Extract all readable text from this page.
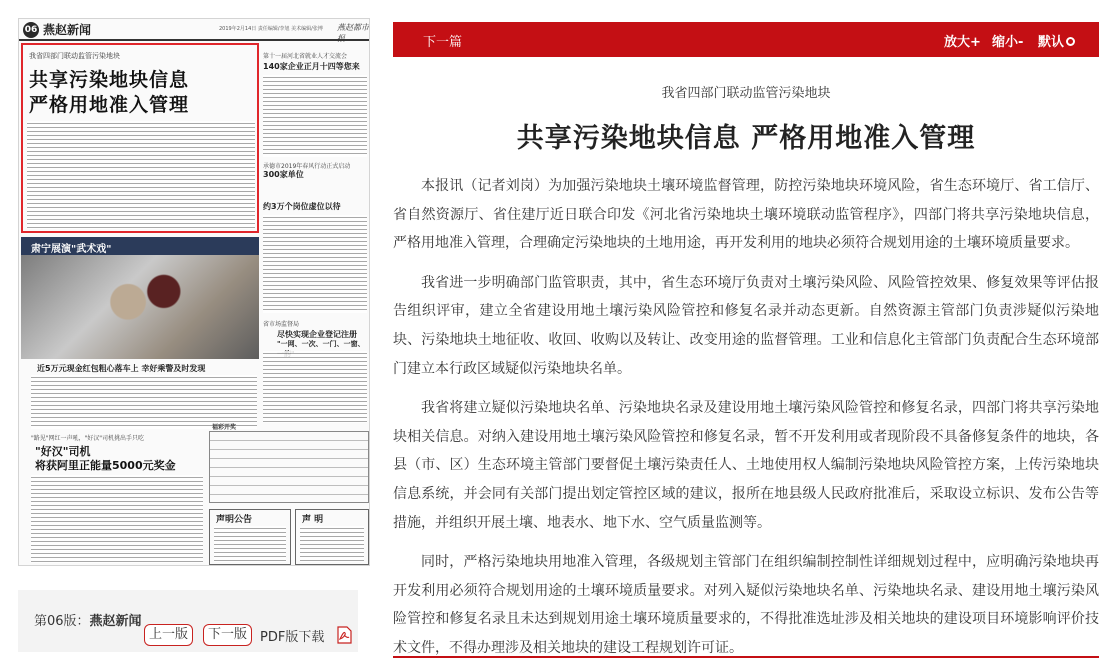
06 燕赵新闻	2019年2月14日 责任编辑/李旭 美术编辑/张博 燕赵都市报
我省四部门联动监管污染地块
共享污染地块信息
严格用地准入管理
第十一届河北省就业人才交流会
140家企业正月十四等您来
承德市2019年春风行动正式启动
300家单位
约3万个岗位虚位以待
肃宁展演"武术戏"
省市场监督局
尽快实现企业登记注册
"一网、一次、一门、一窗、
近5万元现金红包粗心落车上 幸好乘警及时发现
"路见"网红一声吼，"好汉"司机挑出手只吃
"好汉"司机
将获阿里正能量5000元奖金
福彩开奖
声明公告	声 明
第06版：燕赵新闻
上一版	下一版 PDF版下载
下一篇	放大+ 缩小- 默认
我省四部门联动监管污染地块
共享污染地块信息 严格用地准入管理

本报讯（记者刘岗）为加强污染地块土壤环境监督管理，防控污染地块环境风险，省生态环境厅、省工信厅、省自然资源厅、省住建厅近日联合印发《河北省污染地块土壤环境联动监管程序》，四部门将共享污染地块信息，严格用地准入管理，合理确定污染地块的土地用途，再开发利用的地块必须符合规划用途的土壤环境质量要求。

我省进一步明确部门监管职责，其中，省生态环境厅负责对土壤污染风险、风险管控效果、修复效果等评估报告组织评审，建立全省建设用地土壤污染风险管控和修复名录并动态更新。自然资源主管部门负责涉疑似污染地块、污染地块土地征收、收回、收购以及转让、改变用途的监督管理。工业和信息化主管部门负责配合生态环境部门建立本行政区域疑似污染地块名单。

我省将建立疑似污染地块名单、污染地块名录及建设用地土壤污染风险管控和修复名录，四部门将共享污染地块相关信息。对纳入建设用地土壤污染风险管控和修复名录，暂不开发利用或者现阶段不具备修复条件的地块，各县（市、区）生态环境主管部门要督促土壤污染责任人、土地使用权人编制污染地块风险管控方案，上传污染地块信息系统，并会同有关部门提出划定管控区域的建议，报所在地县级人民政府批准后，采取设立标识、发布公告等措施，并组织开展土壤、地表水、地下水、空气质量监测等。

同时，严格污染地块用地准入管理，各级规划主管部门在组织编制控制性详细规划过程中，应明确污染地块再开发利用必须符合规划用途的土壤环境质量要求。对列入疑似污染地块名单、污染地块名录、建设用地土壤污染风险管控和修复名录且未达到规划用途土壤环境质量要求的，不得批准选址涉及相关地块的建设项目环境影响评价技术文件，不得办理涉及相关地块的建设工程规划许可证。
